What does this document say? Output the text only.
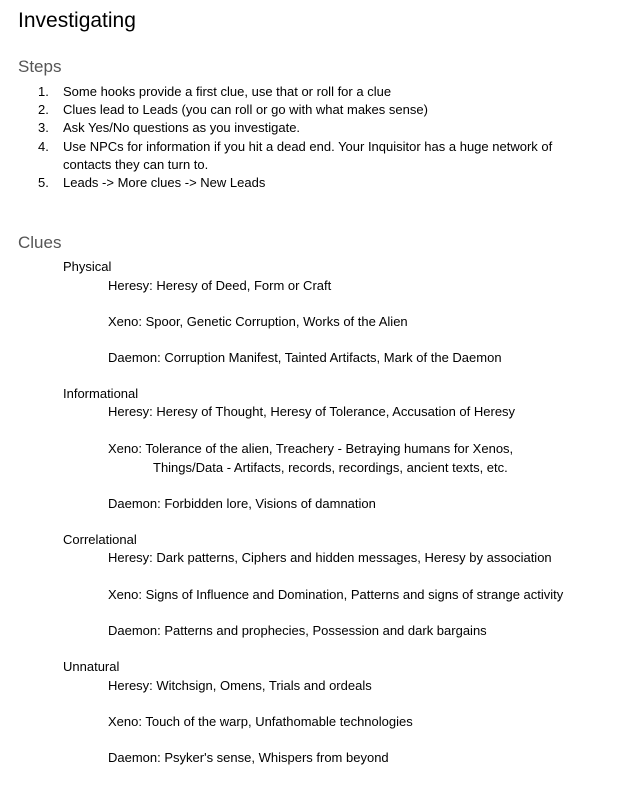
Investigating
Steps
1. Some hooks provide a first clue, use that or roll for a clue
2. Clues lead to Leads (you can roll or go with what makes sense)
3. Ask Yes/No questions as you investigate.
4. Use NPCs for information if you hit a dead end. Your Inquisitor has a huge network of contacts they can turn to.
5. Leads -> More clues -> New Leads
Clues
Physical
Heresy: Heresy of Deed, Form or Craft
Xeno: Spoor, Genetic Corruption, Works of the Alien
Daemon: Corruption Manifest, Tainted Artifacts, Mark of the Daemon
Informational
Heresy: Heresy of Thought, Heresy of Tolerance, Accusation of Heresy
Xeno: Tolerance of the alien, Treachery - Betraying humans for Xenos,
Things/Data - Artifacts, records, recordings, ancient texts, etc.
Daemon: Forbidden lore, Visions of damnation
Correlational
Heresy: Dark patterns, Ciphers and hidden messages, Heresy by association
Xeno: Signs of Influence and Domination, Patterns and signs of strange activity
Daemon: Patterns and prophecies, Possession and dark bargains
Unnatural
Heresy: Witchsign, Omens, Trials and ordeals
Xeno: Touch of the warp, Unfathomable technologies
Daemon: Psyker's sense, Whispers from beyond
